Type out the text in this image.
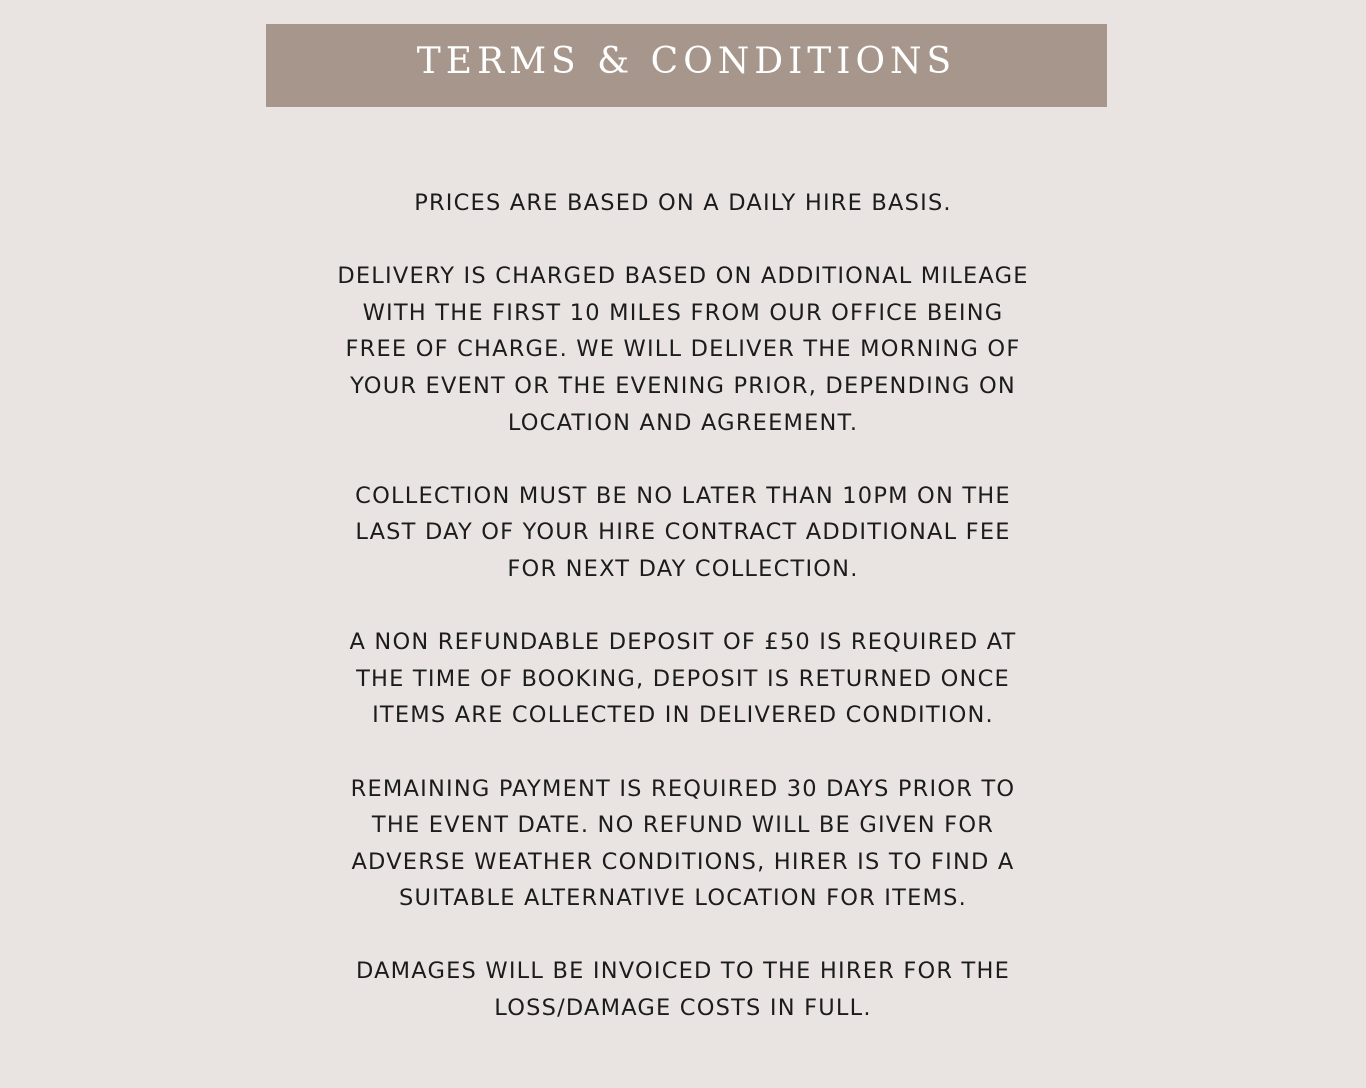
TERMS & CONDITIONS
PRICES ARE BASED ON A DAILY HIRE BASIS.
DELIVERY IS CHARGED BASED ON ADDITIONAL MILEAGE
WITH THE FIRST 10 MILES FROM OUR OFFICE BEING
FREE OF CHARGE. WE WILL DELIVER THE MORNING OF
YOUR EVENT OR THE EVENING PRIOR, DEPENDING ON
LOCATION AND AGREEMENT.
COLLECTION MUST BE NO LATER THAN 10PM ON THE
LAST DAY OF YOUR HIRE CONTRACT ADDITIONAL FEE
FOR NEXT DAY COLLECTION.
A NON REFUNDABLE DEPOSIT OF £50 IS REQUIRED AT
THE TIME OF BOOKING, DEPOSIT IS RETURNED ONCE
ITEMS ARE COLLECTED IN DELIVERED CONDITION.
REMAINING PAYMENT IS REQUIRED 30 DAYS PRIOR TO
THE EVENT DATE. NO REFUND WILL BE GIVEN FOR
ADVERSE WEATHER CONDITIONS, HIRER IS TO FIND A
SUITABLE ALTERNATIVE LOCATION FOR ITEMS.
DAMAGES WILL BE INVOICED TO THE HIRER FOR THE
LOSS/DAMAGE COSTS IN FULL.
